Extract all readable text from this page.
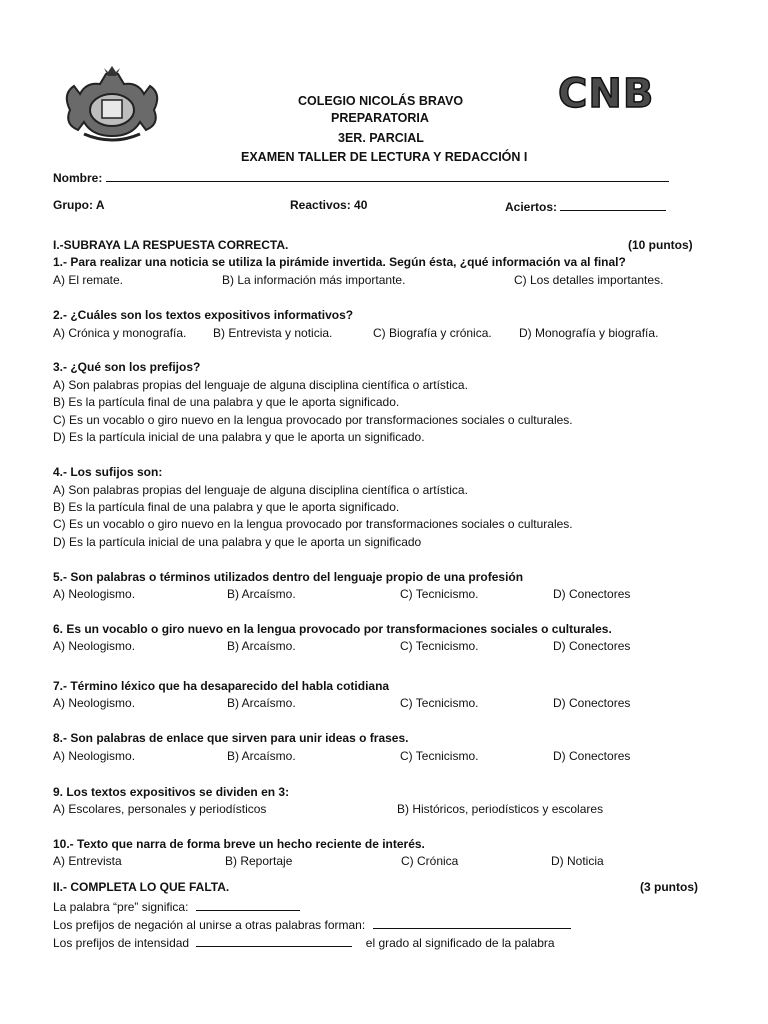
CNB
COLEGIO NICOLÁS BRAVO
PREPARATORIA
3ER. PARCIAL
EXAMEN TALLER DE LECTURA Y REDACCIÓN I
Nombre:
Grupo: A	Reactivos: 40	Aciertos:
I.-SUBRAYA LA RESPUESTA CORRECTA.	(10 puntos)
1.- Para realizar una noticia se utiliza la pirámide invertida. Según ésta, ¿qué información va al final?
A) El remate.	B) La información más importante.	C) Los detalles importantes.
2.- ¿Cuáles son los textos expositivos informativos?
A) Crónica y monografía. B) Entrevista y noticia.	C) Biografía y crónica. D) Monografía y biografía.
3.- ¿Qué son los prefijos?
A) Son palabras propias del lenguaje de alguna disciplina científica o artística.
B) Es la partícula final de una palabra y que le aporta significado.
C) Es un vocablo o giro nuevo en la lengua provocado por transformaciones sociales o culturales.
D) Es la partícula inicial de una palabra y que le aporta un significado.
4.- Los sufijos son:
A) Son palabras propias del lenguaje de alguna disciplina científica o artística.
B) Es la partícula final de una palabra y que le aporta significado.
C) Es un vocablo o giro nuevo en la lengua provocado por transformaciones sociales o culturales.
D) Es la partícula inicial de una palabra y que le aporta un significado
5.- Son palabras o términos utilizados dentro del lenguaje propio de una profesión
A) Neologismo.	B) Arcaísmo.	C) Tecnicismo.	D) Conectores
6. Es un vocablo o giro nuevo en la lengua provocado por transformaciones sociales o culturales.
A) Neologismo.	B) Arcaísmo.	C) Tecnicismo.	D) Conectores
7.- Término léxico que ha desaparecido del habla cotidiana
A) Neologismo.	B) Arcaísmo.	C) Tecnicismo.	D) Conectores
8.- Son palabras de enlace que sirven para unir ideas o frases.
A) Neologismo.	B) Arcaísmo.	C) Tecnicismo.	D) Conectores
9. Los textos expositivos se dividen en 3:
A) Escolares, personales y periodísticos	B) Históricos, periodísticos y escolares
10.- Texto que narra de forma breve un hecho reciente de interés.
A) Entrevista	B) Reportaje	C) Crónica	D) Noticia
II.- COMPLETA LO QUE FALTA.	(3 puntos)
La palabra “pre” significa:
Los prefijos de negación al unirse a otras palabras forman:
Los prefijos de intensidad	el grado al significado de la palabra
